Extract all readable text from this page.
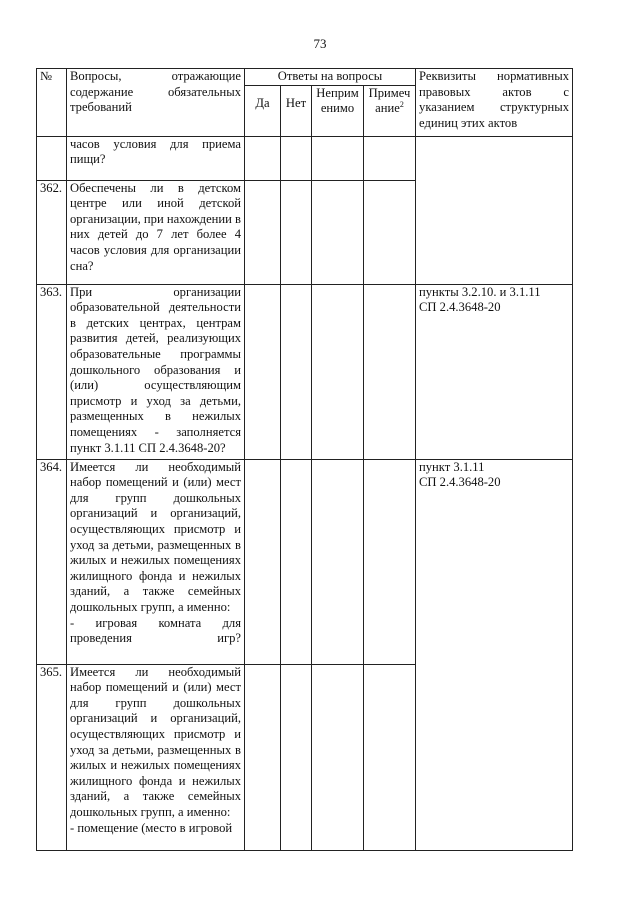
73
№	Вопросы, отражающие содержание обязательных требований	Ответы на вопросы				Реквизиты нормативных правовых актов с указанием структурных единиц этих актов
		Да	Нет	Неприменимо	Примечание$^2$
	часов условия для приема пищи?					
362.	Обеспечены ли в детском центре или иной детской организации, при нахождении в них детей до 7 лет более 4 часов условия для организации сна?					
363.	При организации образовательной деятельности в детских центрах, центрам развития детей, реализующих образовательные программы дошкольного образования и (или) осуществляющим присмотр и уход за детьми, размещенных в нежилых помещениях - заполняется пункт 3.1.11 СП 2.4.3648-20?					пункты 3.2.10. и 3.1.11
СП 2.4.3648-20

364.	Имеется ли необходимый набор помещений и (или) мест для групп дошкольных организаций и организаций, осуществляющих присмотр и уход за детьми, размещенных в жилых и нежилых помещениях жилищного фонда и нежилых зданий, а также семейных дошкольных групп, а именно:
- игровая комната для проведения игр?					пункт 3.1.11
СП 2.4.3648-20

365.	Имеется ли необходимый набор помещений и (или) мест для групп дошкольных организаций и организаций, осуществляющих присмотр и уход за детьми, размещенных в жилых и нежилых помещениях жилищного фонда и нежилых зданий, а также семейных дошкольных групп, а именно:
- помещение (место в игровой					
